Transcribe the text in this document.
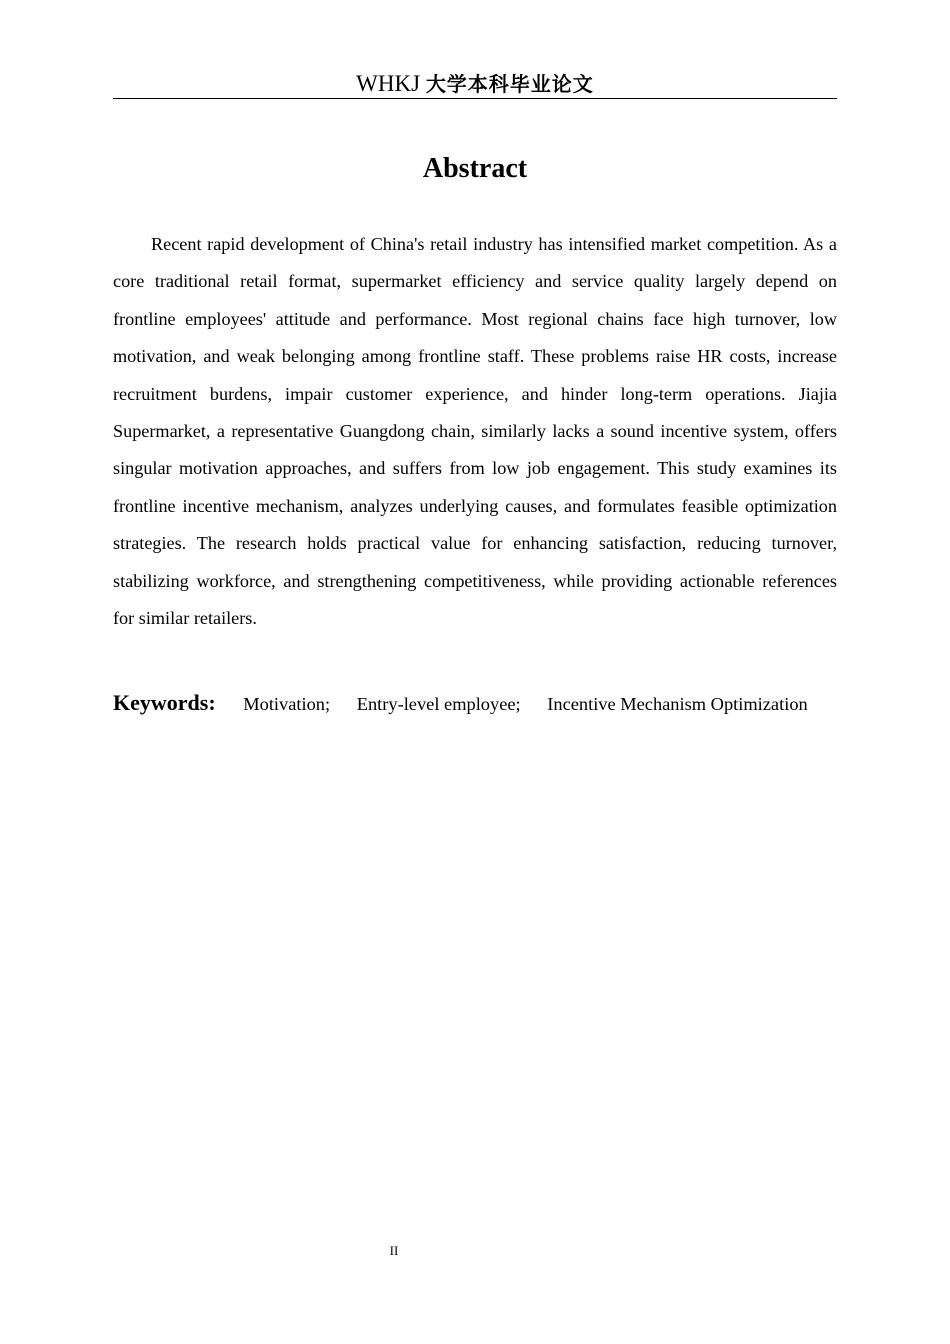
WHKJ 大学本科毕业论文
Abstract

Recent rapid development of China's retail industry has intensified market competition. As a core traditional retail format, supermarket efficiency and service quality largely depend on frontline employees' attitude and performance. Most regional chains face high turnover, low motivation, and weak belonging among frontline staff. These problems raise HR costs, increase recruitment burdens, impair customer experience, and hinder long-term operations. Jiajia Supermarket, a representative Guangdong chain, similarly lacks a sound incentive system, offers singular motivation approaches, and suffers from low job engagement. This study examines its frontline incentive mechanism, analyzes underlying causes, and formulates feasible optimization strategies. The research holds practical value for enhancing satisfaction, reducing turnover, stabilizing workforce, and strengthening competitiveness, while providing actionable references for similar retailers.

Keywords: Motivation; Entry-level employee; Incentive Mechanism Optimization
II
